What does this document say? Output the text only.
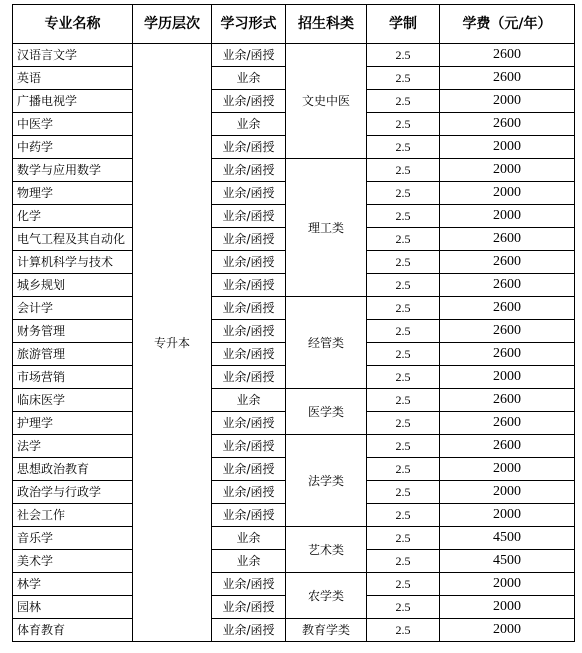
专业名称	学历层次	学习形式	招生科类	学制	学费（元/年）
汉语言文学	专升本	业余/函授	文史中医	2.5	2600
英语		业余		2.5	2600
广播电视学		业余/函授		2.5	2000
中医学		业余		2.5	2600
中药学		业余/函授		2.5	2000
数学与应用数学		业余/函授	理工类	2.5	2000
物理学		业余/函授		2.5	2000
化学		业余/函授		2.5	2000
电气工程及其自动化		业余/函授		2.5	2600
计算机科学与技术		业余/函授		2.5	2600
城乡规划		业余/函授		2.5	2600
会计学		业余/函授	经管类	2.5	2600
财务管理		业余/函授		2.5	2600
旅游管理		业余/函授		2.5	2600
市场营销		业余/函授		2.5	2000
临床医学		业余	医学类	2.5	2600
护理学		业余/函授		2.5	2600
法学		业余/函授	法学类	2.5	2600
思想政治教育		业余/函授		2.5	2000
政治学与行政学		业余/函授		2.5	2000
社会工作		业余/函授		2.5	2000
音乐学		业余	艺术类	2.5	4500
美术学		业余		2.5	4500
林学		业余/函授	农学类	2.5	2000
园林		业余/函授		2.5	2000
体育教育		业余/函授	教育学类	2.5	2000
